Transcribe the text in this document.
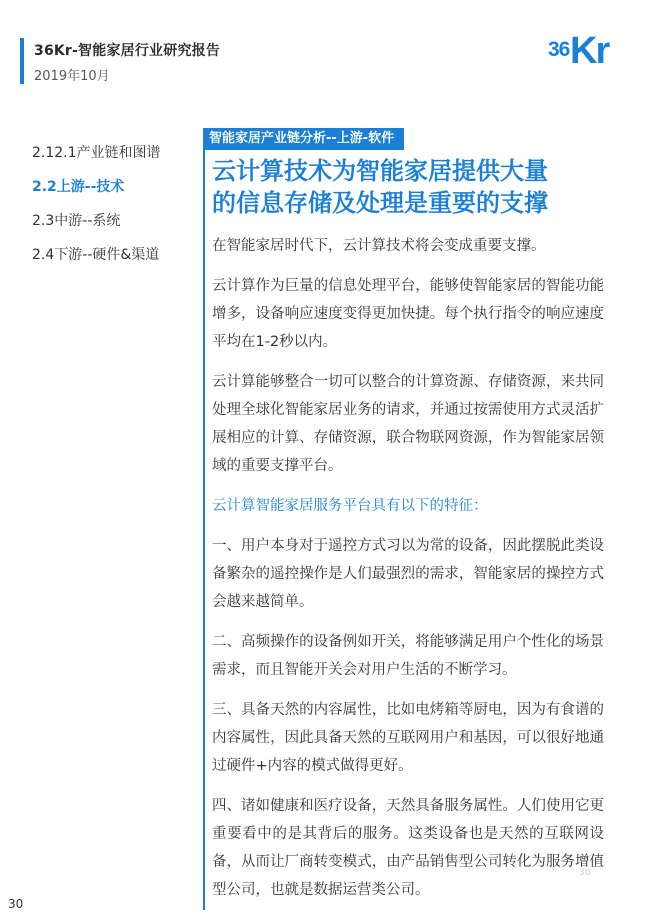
36Kr-智能家居行业研究报告
2019年10月
36 Kr
2.12.1产业链和图谱
2.2上游--技术
2.3中游--系统
2.4下游--硬件&渠道
智能家居产业链分析--上游-软件
云计算技术为智能家居提供大量
的信息存储及处理是重要的支撑

在智能家居时代下，云计算技术将会变成重要支撑。

云计算作为巨量的信息处理平台，能够使智能家居的智能功能增多，设备响应速度变得更加快捷。每个执行指令的响应速度平均在1-2秒以内。

云计算能够整合一切可以整合的计算资源、存储资源，来共同处理全球化智能家居业务的请求，并通过按需使用方式灵活扩展相应的计算、存储资源，联合物联网资源，作为智能家居领域的重要支撑平台。

云计算智能家居服务平台具有以下的特征：

一、用户本身对于遥控方式习以为常的设备，因此摆脱此类设备繁杂的遥控操作是人们最强烈的需求，智能家居的操控方式会越来越简单。

二、高频操作的设备例如开关，将能够满足用户个性化的场景需求，而且智能开关会对用户生活的不断学习。

三、具备天然的内容属性，比如电烤箱等厨电，因为有食谱的内容属性，因此具备天然的互联网用户和基因，可以很好地通过硬件+内容的模式做得更好。

四、诸如健康和医疗设备，天然具备服务属性。人们使用它更重要看中的是其背后的服务。这类设备也是天然的互联网设备，从而让厂商转变模式，由产品销售型公司转化为服务增值型公司，也就是数据运营类公司。

30
30
